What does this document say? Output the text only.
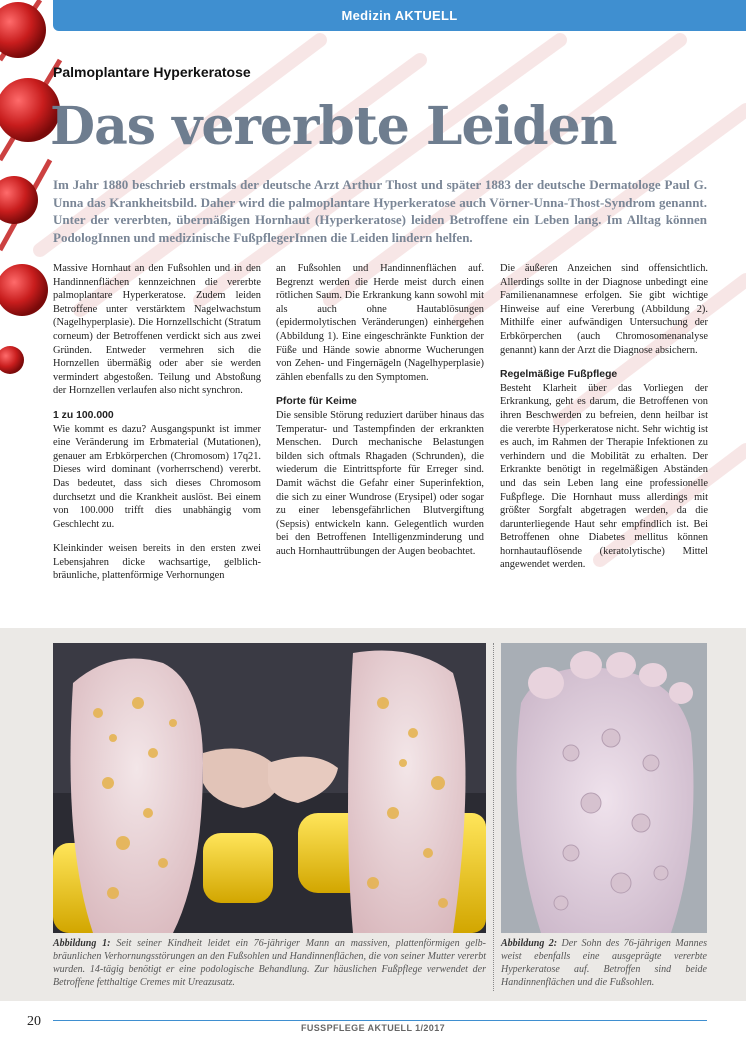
Medizin AKTUELL
Palmoplantare Hyperkeratose
Das vererbte Leiden
Im Jahr 1880 beschrieb erstmals der deutsche Arzt Arthur Thost und später 1883 der deutsche Dermatologe Paul G. Unna das Krankheitsbild. Daher wird die palmoplantare Hyperkeratose auch Vörner-Unna-Thost-Syndrom genannt. Unter der vererbten, übermäßigen Hornhaut (Hyperkeratose) leiden Betroffene ein Leben lang. Im Alltag können PodologInnen und medizinische FußpflegerInnen die Leiden lindern helfen.

Massive Hornhaut an den Fußsohlen und in den Handinnenflächen kennzeichnen die vererbte palmoplantare Hyperkeratose. Zudem leiden Betroffene unter verstärktem Nagelwachstum (Nagelhyperplasie). Die Hornzellschicht (Stratum corneum) der Betroffenen verdickt sich aus zwei Gründen. Entweder vermehren sich die Hornzellen übermäßig oder aber sie werden vermindert abgestoßen. Teilung und Abstoßung der Hornzellen verlaufen also nicht synchron.

1 zu 100.000

Wie kommt es dazu? Ausgangspunkt ist immer eine Veränderung im Erbmaterial (Mutationen), genauer am Erbkörperchen (Chromosom) 17q21. Dieses wird dominant (vorherrschend) vererbt. Das bedeutet, dass sich dieses Chromosom durchsetzt und die Krankheit auslöst. Bei einem von 100.000 trifft dies unabhängig vom Geschlecht zu.

Kleinkinder weisen bereits in den ersten zwei Lebensjahren dicke wachsartige, gelblich-bräunliche, plattenförmige Verhornungen

an Fußsohlen und Handinnenflächen auf. Begrenzt werden die Herde meist durch einen rötlichen Saum. Die Erkrankung kann sowohl mit als auch ohne Hautablösungen (epidermolytischen Veränderungen) einhergehen (Abbildung 1). Eine eingeschränkte Funktion der Füße und Hände sowie abnorme Wucherungen von Zehen- und Fingernägeln (Nagelhyperplasie) zählen ebenfalls zu den Symptomen.

Pforte für Keime

Die sensible Störung reduziert darüber hinaus das Temperatur- und Tastempfinden der erkrankten Menschen. Durch mechanische Belastungen bilden sich oftmals Rhagaden (Schrunden), die wiederum die Eintrittspforte für Erreger sind. Damit wächst die Gefahr einer Superinfektion, die sich zu einer Wundrose (Erysipel) oder sogar zu einer lebensgefährlichen Blutvergiftung (Sepsis) entwickeln kann. Gelegentlich wurden bei den Betroffenen Intelligenzminderung und auch Hornhauttrübungen der Augen beobachtet.

Die äußeren Anzeichen sind offensichtlich. Allerdings sollte in der Diagnose unbedingt eine Familienanamnese erfolgen. Sie gibt wichtige Hinweise auf eine Vererbung (Abbildung 2). Mithilfe einer aufwändigen Untersuchung der Erbkörperchen (auch Chromosomenanalyse genannt) kann der Arzt die Diagnose absichern.

Regelmäßige Fußpflege

Besteht Klarheit über das Vorliegen der Erkrankung, geht es darum, die Betroffenen von ihren Beschwerden zu befreien, denn heilbar ist die vererbte Hyperkeratose nicht. Sehr wichtig ist es auch, im Rahmen der Therapie Infektionen zu verhindern und die Mobilität zu erhalten. Der Erkrankte benötigt in regelmäßigen Abständen und das sein Leben lang eine professionelle Fußpflege. Die Hornhaut muss allerdings mit größter Sorgfalt abgetragen werden, da die darunterliegende Haut sehr empfindlich ist. Bei Betroffenen ohne Diabetes mellitus können hornhautauflösende (keratolytische) Mittel angewendet werden.

Abbildung 1: Seit seiner Kindheit leidet ein 76-jähriger Mann an massiven, plattenförmigen gelb-bräunlichen Verhornungsstörungen an den Fußsohlen und Handinnenflächen, die von seiner Mutter vererbt wurden. 14-tägig benötigt er eine podologische Behandlung. Zur häuslichen Fußpflege verwendet der Betroffene fetthaltige Cremes mit Ureazusatz.
Abbildung 2: Der Sohn des 76-jährigen Mannes weist ebenfalls eine ausgeprägte vererbte Hyperkeratose auf. Betroffen sind beide Handinnenflächen und die Fußsohlen.
20	FUSSPFLEGE AKTUELL 1/2017
